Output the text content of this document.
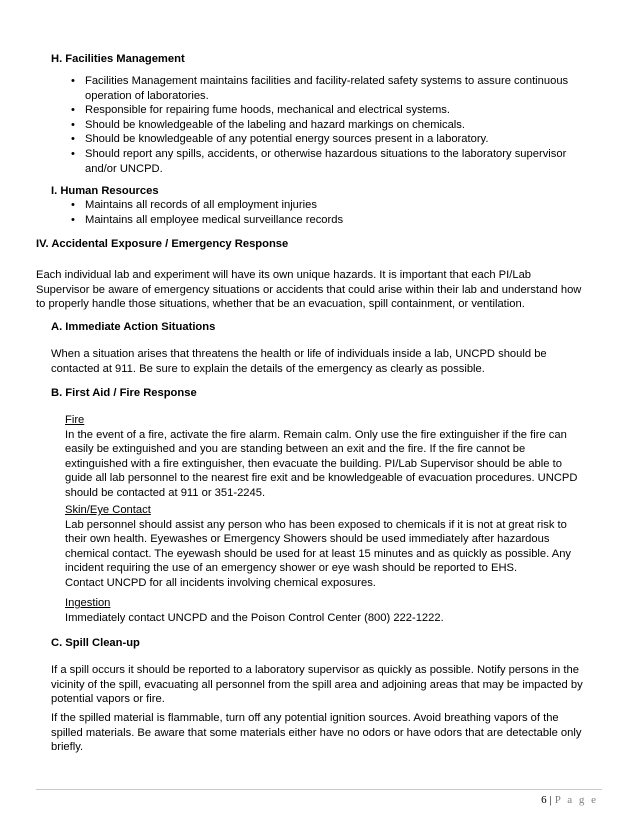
H. Facilities Management
• Facilities Management maintains facilities and facility-related safety systems to assure continuous
operation of laboratories.
• Responsible for repairing fume hoods, mechanical and electrical systems.
• Should be knowledgeable of the labeling and hazard markings on chemicals.
• Should be knowledgeable of any potential energy sources present in a laboratory.
• Should report any spills, accidents, or otherwise hazardous situations to the laboratory supervisor
and/or UNCPD.
I. Human Resources
• Maintains all records of all employment injuries
• Maintains all employee medical surveillance records
IV. Accidental Exposure / Emergency Response
Each individual lab and experiment will have its own unique hazards. It is important that each PI/Lab
Supervisor be aware of emergency situations or accidents that could arise within their lab and understand how
to properly handle those situations, whether that be an evacuation, spill containment, or ventilation.
A. Immediate Action Situations
When a situation arises that threatens the health or life of individuals inside a lab, UNCPD should be
contacted at 911. Be sure to explain the details of the emergency as clearly as possible.
B. First Aid / Fire Response
Fire
In the event of a fire, activate the fire alarm. Remain calm. Only use the fire extinguisher if the fire can
easily be extinguished and you are standing between an exit and the fire. If the fire cannot be
extinguished with a fire extinguisher, then evacuate the building. PI/Lab Supervisor should be able to
guide all lab personnel to the nearest fire exit and be knowledgeable of evacuation procedures. UNCPD
should be contacted at 911 or 351-2245.
Skin/Eye Contact
Lab personnel should assist any person who has been exposed to chemicals if it is not at great risk to
their own health. Eyewashes or Emergency Showers should be used immediately after hazardous
chemical contact. The eyewash should be used for at least 15 minutes and as quickly as possible. Any
incident requiring the use of an emergency shower or eye wash should be reported to EHS.
Contact UNCPD for all incidents involving chemical exposures.
Ingestion
Immediately contact UNCPD and the Poison Control Center (800) 222-1222.
C. Spill Clean-up
If a spill occurs it should be reported to a laboratory supervisor as quickly as possible. Notify persons in the
vicinity of the spill, evacuating all personnel from the spill area and adjoining areas that may be impacted by
potential vapors or fire.
If the spilled material is flammable, turn off any potential ignition sources. Avoid breathing vapors of the
spilled materials. Be aware that some materials either have no odors or have odors that are detectable only
briefly.
6 | P a g e
